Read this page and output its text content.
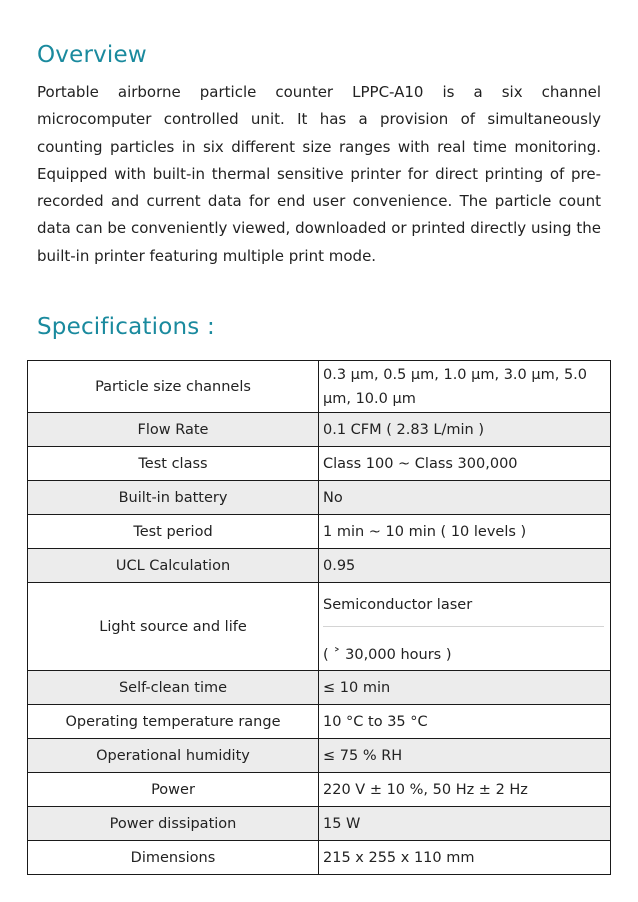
Overview

Portable airborne particle counter LPPC-A10 is a six channel microcomputer controlled unit. It has a provision of simultaneously counting particles in six different size ranges with real time monitoring. Equipped with built-in thermal sensitive printer for direct printing of pre-recorded and current data for end user convenience. The particle count data can be conveniently viewed, downloaded or printed directly using the built-in printer featuring multiple print mode.

Specifications :
Particle size channels	0.3 µm, 0.5 µm, 1.0 µm, 3.0 µm, 5.0 µm, 10.0 µm

Flow Rate	0.1 CFM ( 2.83 L/min )
Test class	Class 100 ~ Class 300,000
Built-in battery	No
Test period	1 min ~ 10 min ( 10 levels )
UCL Calculation	0.95
Light source and life	Semiconductor laser
( ˃ 30,000 hours )

Self-clean time	≤ 10 min
Operating temperature range	10 °C to 35 °C
Operational humidity	≤ 75 % RH
Power	220 V ± 10 %, 50 Hz ± 2 Hz
Power dissipation	15 W
Dimensions	215 x 255 x 110 mm
